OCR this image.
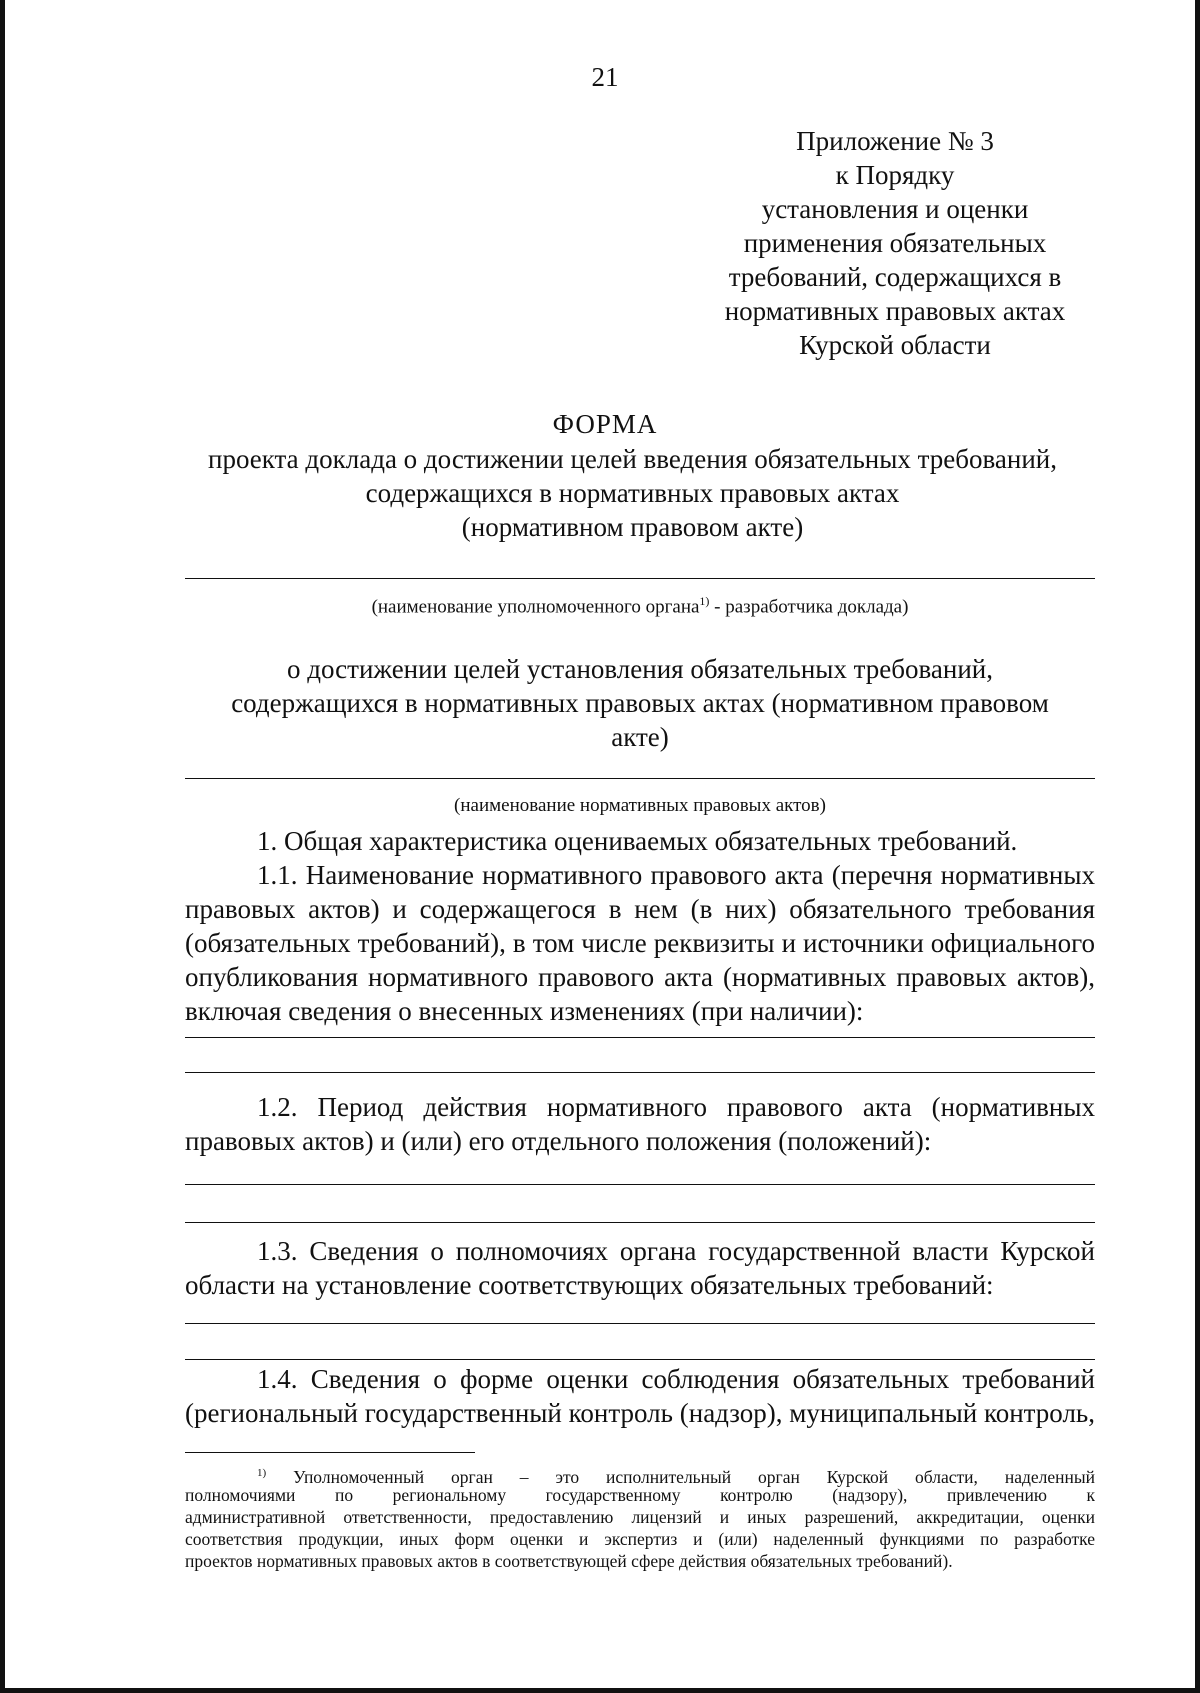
21
Приложение № 3
к Порядку
установления и оценки
применения обязательных
требований, содержащихся в
нормативных правовых актах
Курской области
ФОРМА
проекта доклада о достижении целей введения обязательных требований,
содержащихся в нормативных правовых актах
(нормативном правовом акте)
(наименование уполномоченного органа$^{1)}$ - разработчика доклада)
о достижении целей установления обязательных требований,
содержащихся в нормативных правовых актах (нормативном правовом
акте)
(наименование нормативных правовых актов)
1. Общая характеристика оцениваемых обязательных требований.
1.1. Наименование нормативного правового акта (перечня нормативных
правовых актов) и содержащегося в нем (в них) обязательного требования
(обязательных требований), в том числе реквизиты и источники официального
опубликования нормативного правового акта (нормативных правовых актов),
включая сведения о внесенных изменениях (при наличии):
1.2. Период действия нормативного правового акта (нормативных
правовых актов) и (или) его отдельного положения (положений):
1.3. Сведения о полномочиях органа государственной власти Курской
области на установление соответствующих обязательных требований:
1.4. Сведения о форме оценки соблюдения обязательных требований
(региональный государственный контроль (надзор), муниципальный контроль,
$^{1)}$ Уполномоченный орган – это исполнительный орган Курской области, наделенный
полномочиями по региональному государственному контролю (надзору), привлечению к
административной ответственности, предоставлению лицензий и иных разрешений, аккредитации, оценки
соответствия продукции, иных форм оценки и экспертиз и (или) наделенный функциями по разработке
проектов нормативных правовых актов в соответствующей сфере действия обязательных требований).
